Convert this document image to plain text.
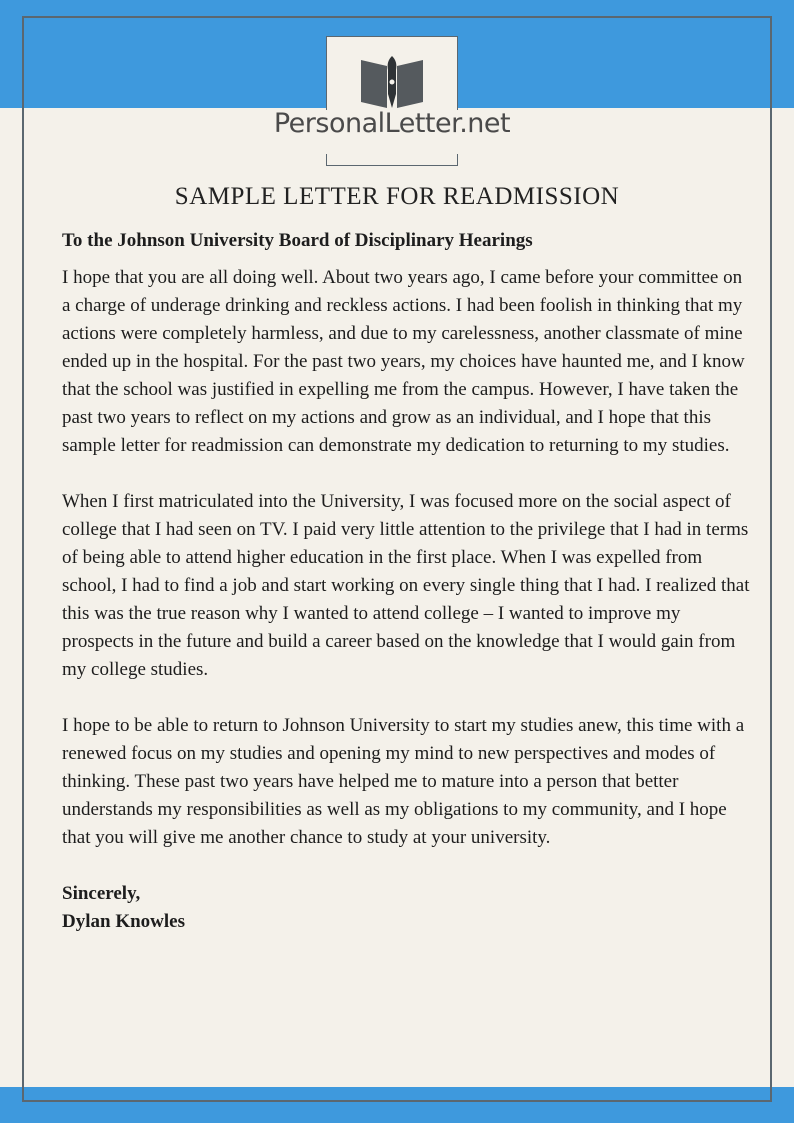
PersonalLetter.net
SAMPLE LETTER FOR READMISSION

To the Johnson University Board of Disciplinary Hearings

I hope that you are all doing well. About two years ago, I came before your committee on a charge of underage drinking and reckless actions. I had been foolish in thinking that my actions were completely harmless, and due to my carelessness, another classmate of mine ended up in the hospital. For the past two years, my choices have haunted me, and I know that the school was justified in expelling me from the campus. However, I have taken the past two years to reflect on my actions and grow as an individual, and I hope that this sample letter for readmission can demonstrate my dedication to returning to my studies.

When I first matriculated into the University, I was focused more on the social aspect of college that I had seen on TV. I paid very little attention to the privilege that I had in terms of being able to attend higher education in the first place. When I was expelled from school, I had to find a job and start working on every single thing that I had. I realized that this was the true reason why I wanted to attend college – I wanted to improve my prospects in the future and build a career based on the knowledge that I would gain from my college studies.

I hope to be able to return to Johnson University to start my studies anew, this time with a renewed focus on my studies and opening my mind to new perspectives and modes of thinking. These past two years have helped me to mature into a person that better understands my responsibilities as well as my obligations to my community, and I hope that you will give me another chance to study at your university.

Sincerely,
Dylan Knowles
